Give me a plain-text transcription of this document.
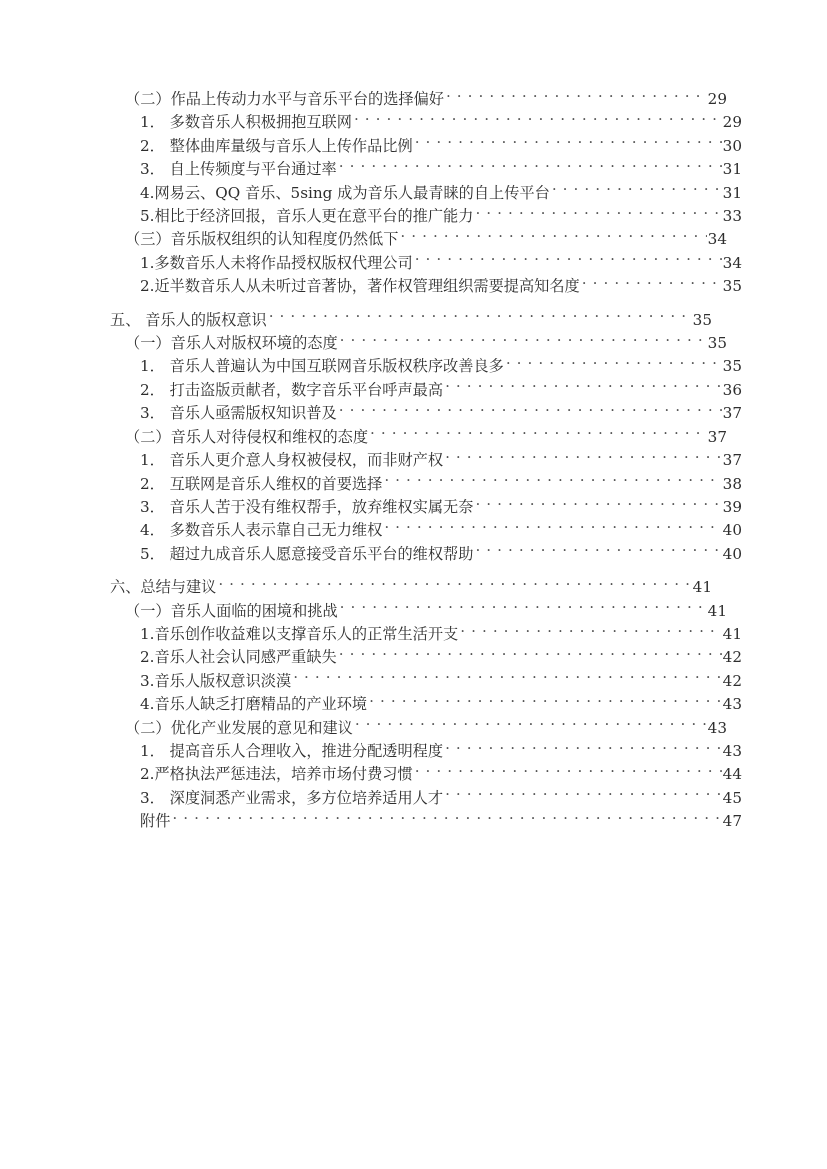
（二）作品上传动力水平与音乐平台的选择偏好 . . .	29
1． 多数音乐人积极拥抱互联网 . . .	29
2． 整体曲库量级与音乐人上传作品比例 . . .	30
3． 自上传频度与平台通过率 . . .	31
4.网易云、QQ 音乐、5sing 成为音乐人最青睐的自上传平台 . . .	31
5.相比于经济回报，音乐人更在意平台的推广能力 . . .	33
（三）音乐版权组织的认知程度仍然低下 . . .	34
1.多数音乐人未将作品授权版权代理公司 . . .	34
2.近半数音乐人从未听过音著协，著作权管理组织需要提高知名度 . . .	35
五、 音乐人的版权意识 . . .	35
（一）音乐人对版权环境的态度 . . .	35
1． 音乐人普遍认为中国互联网音乐版权秩序改善良多 . . .	35
2． 打击盗版贡献者，数字音乐平台呼声最高 . . .	36
3． 音乐人亟需版权知识普及 . . .	37
（二）音乐人对待侵权和维权的态度 . . .	37
1． 音乐人更介意人身权被侵权，而非财产权 . . .	37
2． 互联网是音乐人维权的首要选择 . . .	38
3． 音乐人苦于没有维权帮手，放弃维权实属无奈 . . .	39
4． 多数音乐人表示靠自己无力维权 . . .	40
5． 超过九成音乐人愿意接受音乐平台的维权帮助 . . .	40
六、总结与建议 . . .	41
（一）音乐人面临的困境和挑战 . . .	41
1.音乐创作收益难以支撑音乐人的正常生活开支 . . .	41
2.音乐人社会认同感严重缺失 . . .	42
3.音乐人版权意识淡漠 . . .	42
4.音乐人缺乏打磨精品的产业环境 . . .	43
（二）优化产业发展的意见和建议 . . .	43
1． 提高音乐人合理收入，推进分配透明程度 . . .	43
2.严格执法严惩违法，培养市场付费习惯 . . .	44
3． 深度洞悉产业需求，多方位培养适用人才 . . .	45
附件 . . .	47
